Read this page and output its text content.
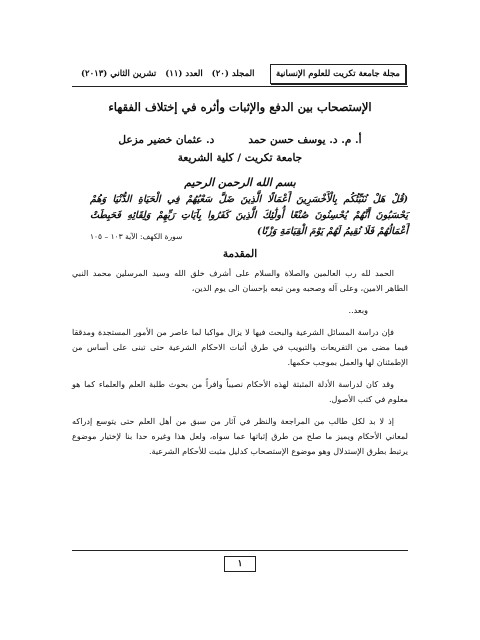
مجلة جامعة تكريت للعلوم الإنسانية
المجلد (٢٠) العدد (١١) تشرين الثاني (٢٠١٣)
الإستصحاب بين الدفع والإثبات وأثره في إختلاف الفقهاء
أ. م. د. يوسف حسن حمد
د. عثمان خضير مزعل
جامعة تكريت / كلية الشريعة
بسم الله الرحمن الرحيم
(قُلْ هَلْ نُنَبِّئُكُم بِالْأَخْسَرِينَ أَعْمَالًا الَّذِينَ ضَلَّ سَعْيُهُمْ فِي الْحَيَاةِ الدُّنْيَا وَهُمْ يَحْسَبُونَ أَنَّهُمْ يُحْسِنُونَ صُنْعًا أُولَٰئِكَ الَّذِينَ كَفَرُوا بِآيَاتِ رَبِّهِمْ وَلِقَائِهِ فَحَبِطَتْ أَعْمَالُهُمْ فَلَا نُقِيمُ لَهُمْ يَوْمَ الْقِيَامَةِ وَزْنًا)
سورة الكهف: الآية ١٠٣ – ١٠٥
المقدمة

الحمد لله رب العالمين والصلاة والسلام على أشرف خلق الله وسيد المرسلين محمد النبي الطاهر الامين، وعلى آله وصحبه ومن تبعه بإحسان الى يوم الدين،

وبعد..

فإن دراسة المسائل الشرعية والبحث فيها لا يزال مواكبا لما عاصر من الأمور المستجدة ومدققا فيما مضى من التفريعات والتبويب في طرق أثبات الاحكام الشرعية حتى تبنى على أساس من الإطمئنان لها والعمل بموجب حكمها.

وقد كان لدراسة الأدلة المثبتة لهذه الأحكام نصيباً وافراً من بحوث طلبة العلم والعلماء كما هو معلوم في كتب الأصول.

إذ لا بد لكل طالب من المراجعة والنظر في آثار من سبق من أهل العلم حتى يتوسع إدراكه لمعاني الأحكام ويميز ما صلح من طرق إثباتها عما سواه، ولعل هذا وغيره حدا بنا لإختيار موضوع يرتبط بطرق الإستدلال وهو موضوع الإستصحاب كدليل مثبت للأحكام الشرعية.

١
